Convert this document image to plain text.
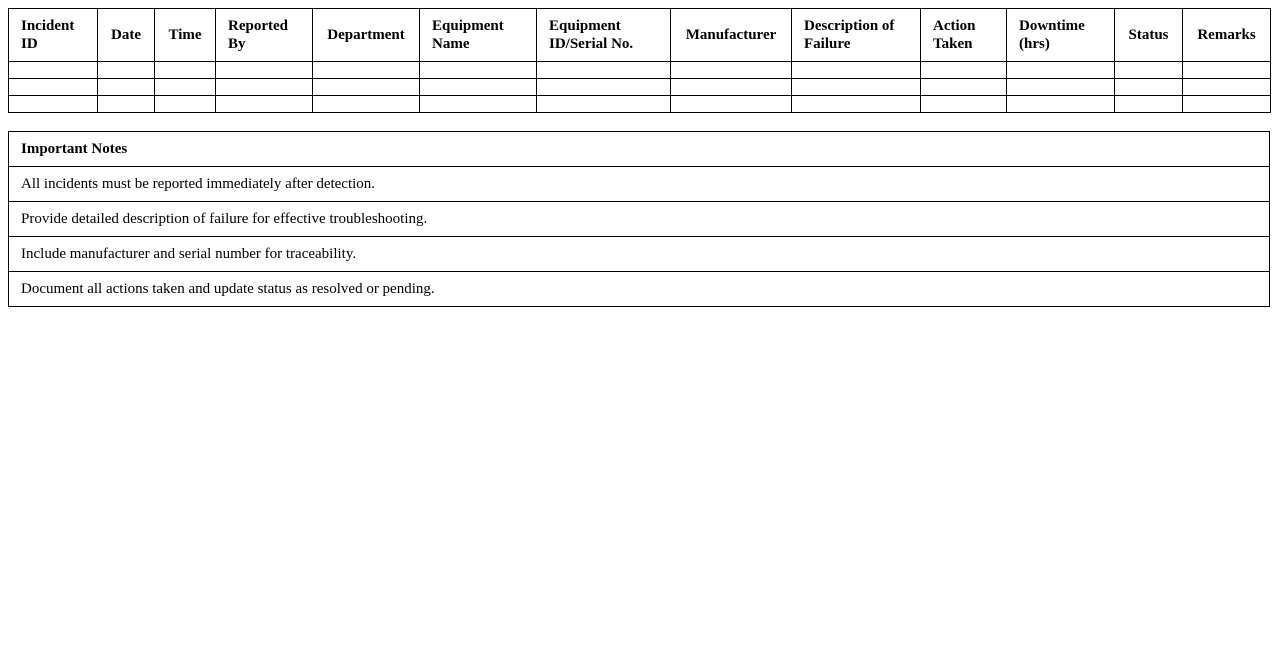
Incident ID	Date	Time	Reported By	Department	Equipment Name	Equipment ID/Serial No.	Manufacturer	Description of Failure	Action Taken	Downtime (hrs)	Status	Remarks

Important Notes
All incidents must be reported immediately after detection.
Provide detailed description of failure for effective troubleshooting.
Include manufacturer and serial number for traceability.
Document all actions taken and update status as resolved or pending.
